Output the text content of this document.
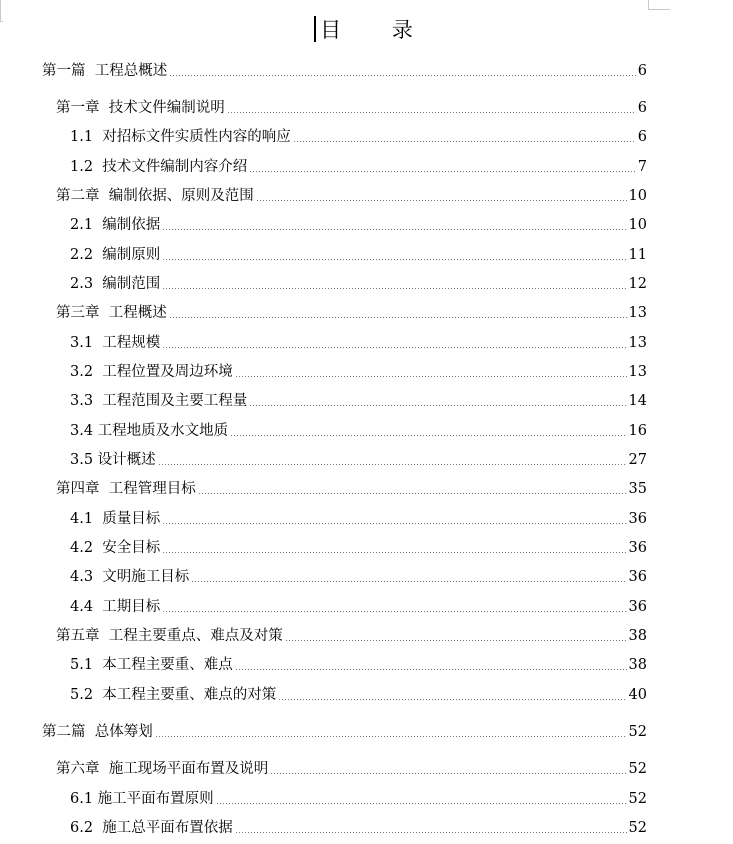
目 录
第一篇  工程总概述	6
第一章  技术文件编制说明	6
1.1  对招标文件实质性内容的响应	6
1.2  技术文件编制内容介绍	7
第二章  编制依据、原则及范围	10
2.1  编制依据	10
2.2  编制原则	11
2.3  编制范围	12
第三章  工程概述	13
3.1  工程规模	13
3.2  工程位置及周边环境	13
3.3  工程范围及主要工程量	14
3.4 工程地质及水文地质	16
3.5 设计概述	27
第四章  工程管理目标	35
4.1  质量目标	36
4.2  安全目标	36
4.3  文明施工目标	36
4.4  工期目标	36
第五章  工程主要重点、难点及对策	38
5.1  本工程主要重、难点	38
5.2  本工程主要重、难点的对策	40
第二篇  总体筹划	52
第六章  施工现场平面布置及说明	52
6.1 施工平面布置原则	52
6.2  施工总平面布置依据	52
